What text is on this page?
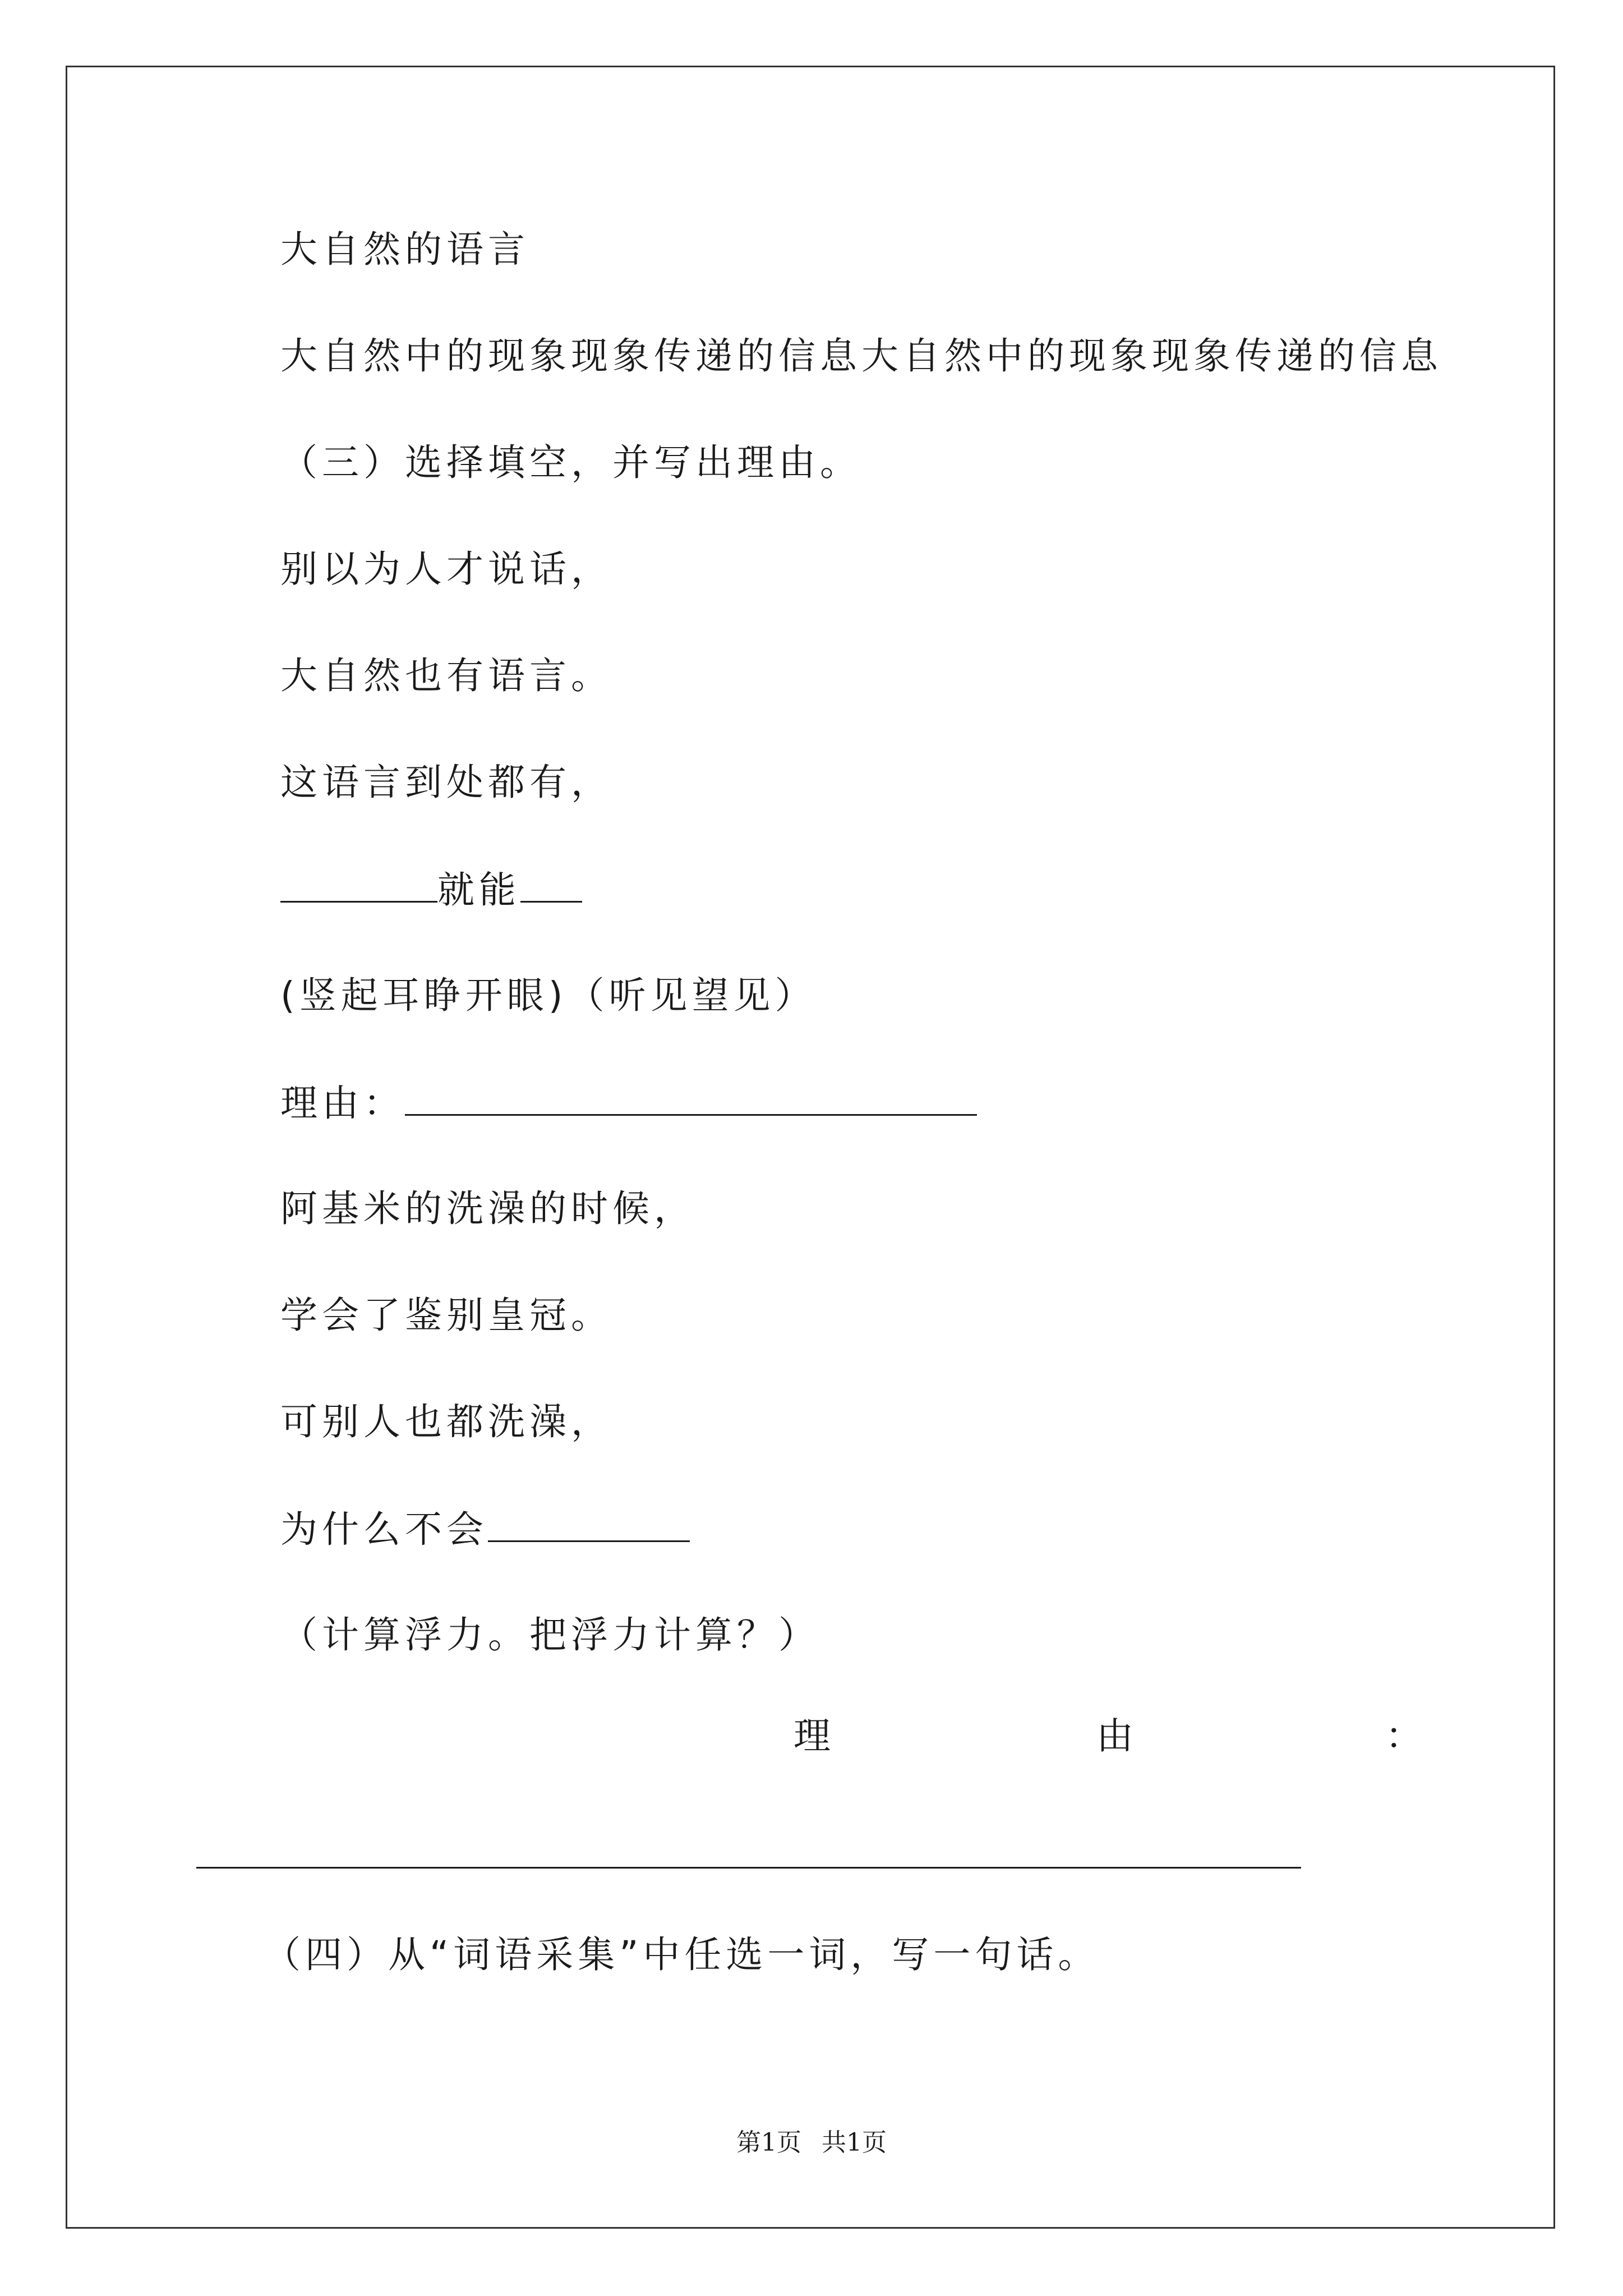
大自然的语言
大自然中的现象现象传递的信息大自然中的现象现象传递的信息
（三）选择填空，并写出理由。
别以为人才说话，
大自然也有语言。
这语言到处都有，
就能
(竖起耳睁开眼)（听见望见）
理由：
阿基米的洗澡的时候，
学会了鉴别皇冠。
可别人也都洗澡，
为什么不会
（计算浮力。把浮力计算？）
理	由	：
（四）从“词语采集”中任选一词，写一句话。
第1页 共1页
